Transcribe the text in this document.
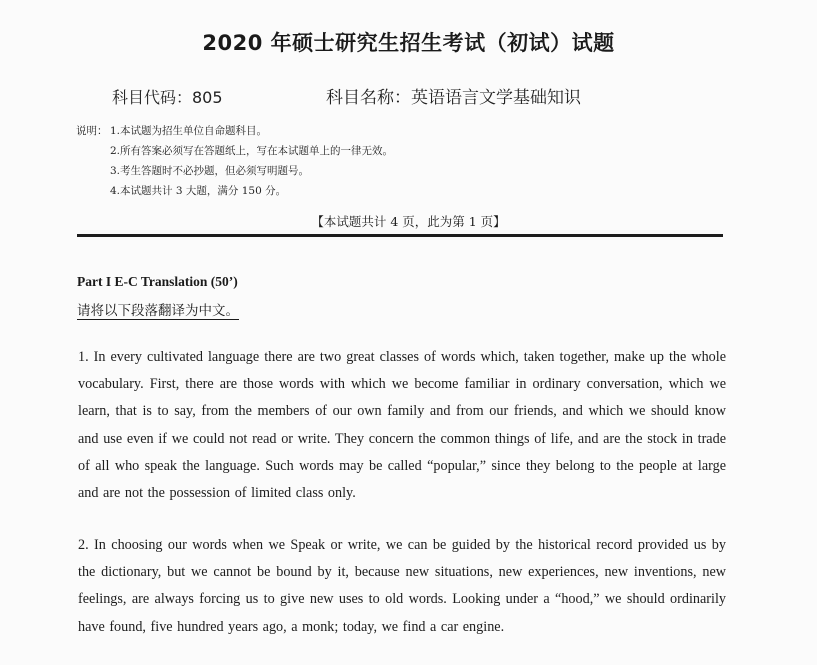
2020 年硕士研究生招生考试（初试）试题
科目代码：805	科目名称：英语语言文学基础知识
说明： 1.本试题为招生单位自命题科目。
2.所有答案必须写在答题纸上，写在本试题单上的一律无效。
3.考生答题时不必抄题，但必须写明题号。
4.本试题共计 3 大题，满分 150 分。
【本试题共计 4 页，此为第 1 页】
Part I E-C Translation (50’)
请将以下段落翻译为中文。
1. In every cultivated language there are two great classes of words which, taken together, make up the whole vocabulary. First, there are those words with which we become familiar in ordinary conversation, which we learn, that is to say, from the members of our own family and from our friends, and which we should know and use even if we could not read or write. They concern the common things of life, and are the stock in trade of all who speak the language. Such words may be called “popular,” since they belong to the people at large and are not the possession of limited class only.
2. In choosing our words when we Speak or write, we can be guided by the historical record provided us by the dictionary, but we cannot be bound by it, because new situations, new experiences, new inventions, new feelings, are always forcing us to give new uses to old words. Looking under a “hood,” we should ordinarily have found, five hundred years ago, a monk; today, we find a car engine.
